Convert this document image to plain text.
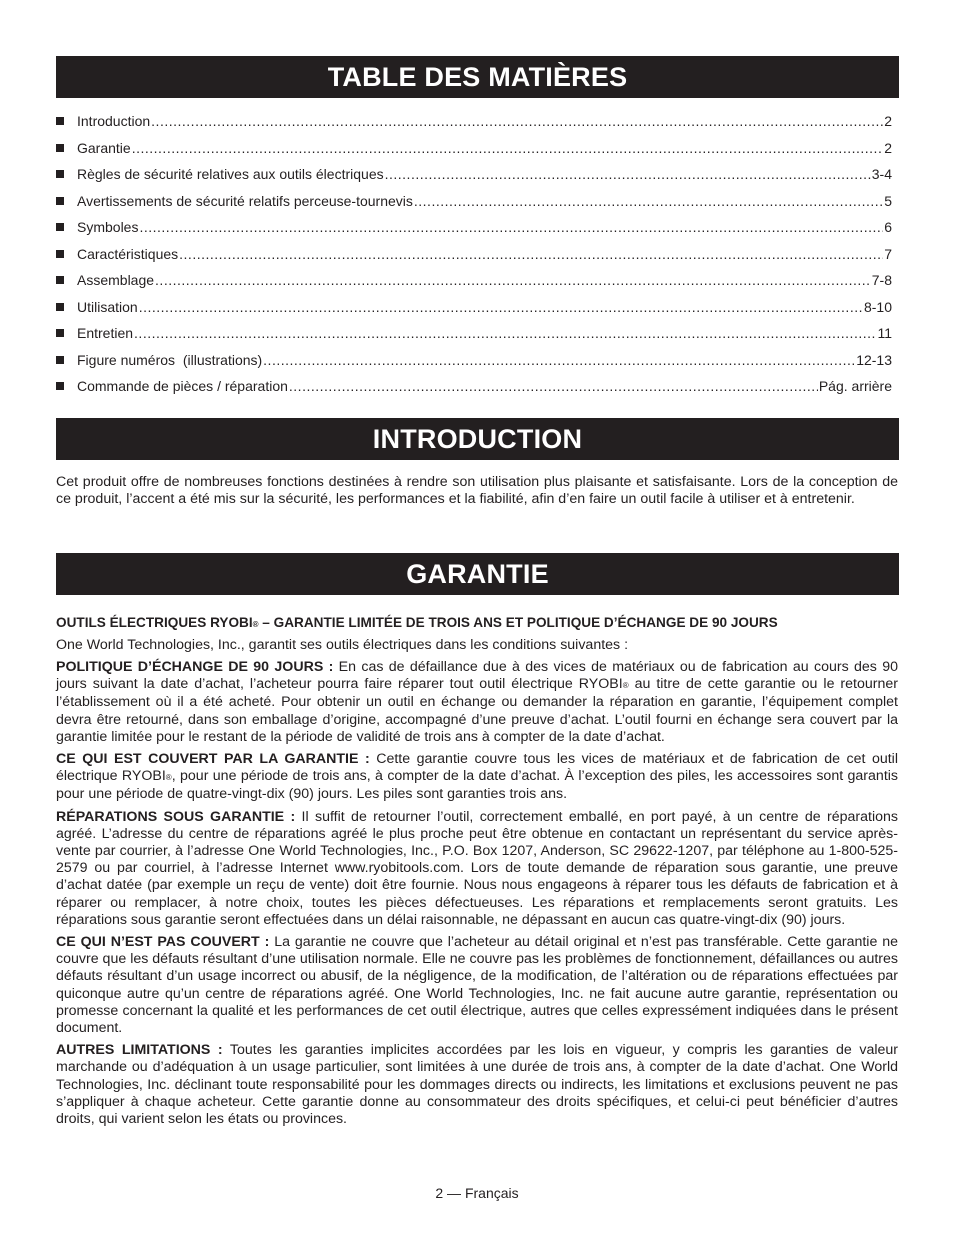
TABLE DES MATIÈRES
Introduction .....	2
Garantie .....	2
Règles de sécurité relatives aux outils électriques .....	3-4
Avertissements de sécurité relatifs perceuse-tournevis .....	5
Symboles .....	6
Caractéristiques .....	7
Assemblage .....	7-8
Utilisation .....	8-10
Entretien .....	11
Figure numéros  (illustrations) .....	12-13
Commande de pièces / réparation .....	Pág. arrière
INTRODUCTION

Cet produit offre de nombreuses fonctions destinées à rendre son utilisation plus plaisante et satisfaisante. Lors de la conception de ce produit, l’accent a été mis sur la sécurité, les performances et la fiabilité, afin d’en faire un outil facile à utiliser et à entretenir.

GARANTIE
OUTILS ÉLECTRIQUES RYOBI® – GARANTIE LIMITÉE DE TROIS ANS ET POLITIQUE D’ÉCHANGE DE 90 JOURS

One World Technologies, Inc., garantit ses outils électriques dans les conditions suivantes :

POLITIQUE D’ÉCHANGE DE 90 JOURS : En cas de défaillance due à des vices de matériaux ou de fabrication au cours des 90 jours suivant la date d’achat, l’acheteur pourra faire réparer tout outil électrique RYOBI® au titre de cette garantie ou le retourner l’établissement où il a été acheté. Pour obtenir un outil en échange ou demander la réparation en garantie, l’équipement complet devra être retourné, dans son emballage d’origine, accompagné d’une preuve d’achat. L’outil fourni en échange sera couvert par la garantie limitée pour le restant de la période de validité de trois ans à compter de la date d’achat.

CE QUI EST COUVERT PAR LA GARANTIE : Cette garantie couvre tous les vices de matériaux et de fabrication de cet outil électrique RYOBI®, pour une période de trois ans, à compter de la date d’achat. À l’exception des piles, les accessoires sont garantis pour une période de quatre-vingt-dix (90) jours. Les piles sont garanties trois ans.

RÉPARATIONS SOUS GARANTIE : Il suffit de retourner l’outil, correctement emballé, en port payé, à un centre de réparations agréé. L’adresse du centre de réparations agréé le plus proche peut être obtenue en contactant un représentant du service après-vente par courrier, à l’adresse One World Technologies, Inc., P.O. Box 1207, Anderson, SC 29622-1207, par téléphone au 1-800-525-2579 ou par courriel, à l’adresse Internet www.ryobitools.com. Lors de toute demande de réparation sous garantie, une preuve d’achat datée (par exemple un reçu de vente) doit être fournie. Nous nous engageons à réparer tous les défauts de fabrication et à réparer ou remplacer, à notre choix, toutes les pièces défectueuses. Les réparations et remplacements seront gratuits. Les réparations sous garantie seront effectuées dans un délai raisonnable, ne dépassant en aucun cas quatre-vingt-dix (90) jours.

CE QUI N’EST PAS COUVERT : La garantie ne couvre que l’acheteur au détail original et n’est pas transférable. Cette garantie ne couvre que les défauts résultant d’une utilisation normale. Elle ne couvre pas les problèmes de fonctionnement, défaillances ou autres défauts résultant d’un usage incorrect ou abusif, de la négligence, de la modification, de l’altération ou de réparations effectuées par quiconque autre qu’un centre de réparations agréé. One World Technologies, Inc. ne fait aucune autre garantie, représentation ou promesse concernant la qualité et les performances de cet outil électrique, autres que celles expressément indiquées dans le présent document.

AUTRES LIMITATIONS : Toutes les garanties implicites accordées par les lois en vigueur, y compris les garanties de valeur marchande ou d’adéquation à un usage particulier, sont limitées à une durée de trois ans, à compter de la date d’achat. One World Technologies, Inc. déclinant toute responsabilité pour les dommages directs ou indirects, les limitations et exclusions peuvent ne pas s’appliquer à chaque acheteur. Cette garantie donne au consommateur des droits spécifiques, et celui-ci peut bénéficier d’autres droits, qui varient selon les états ou provinces.

2 — Français
